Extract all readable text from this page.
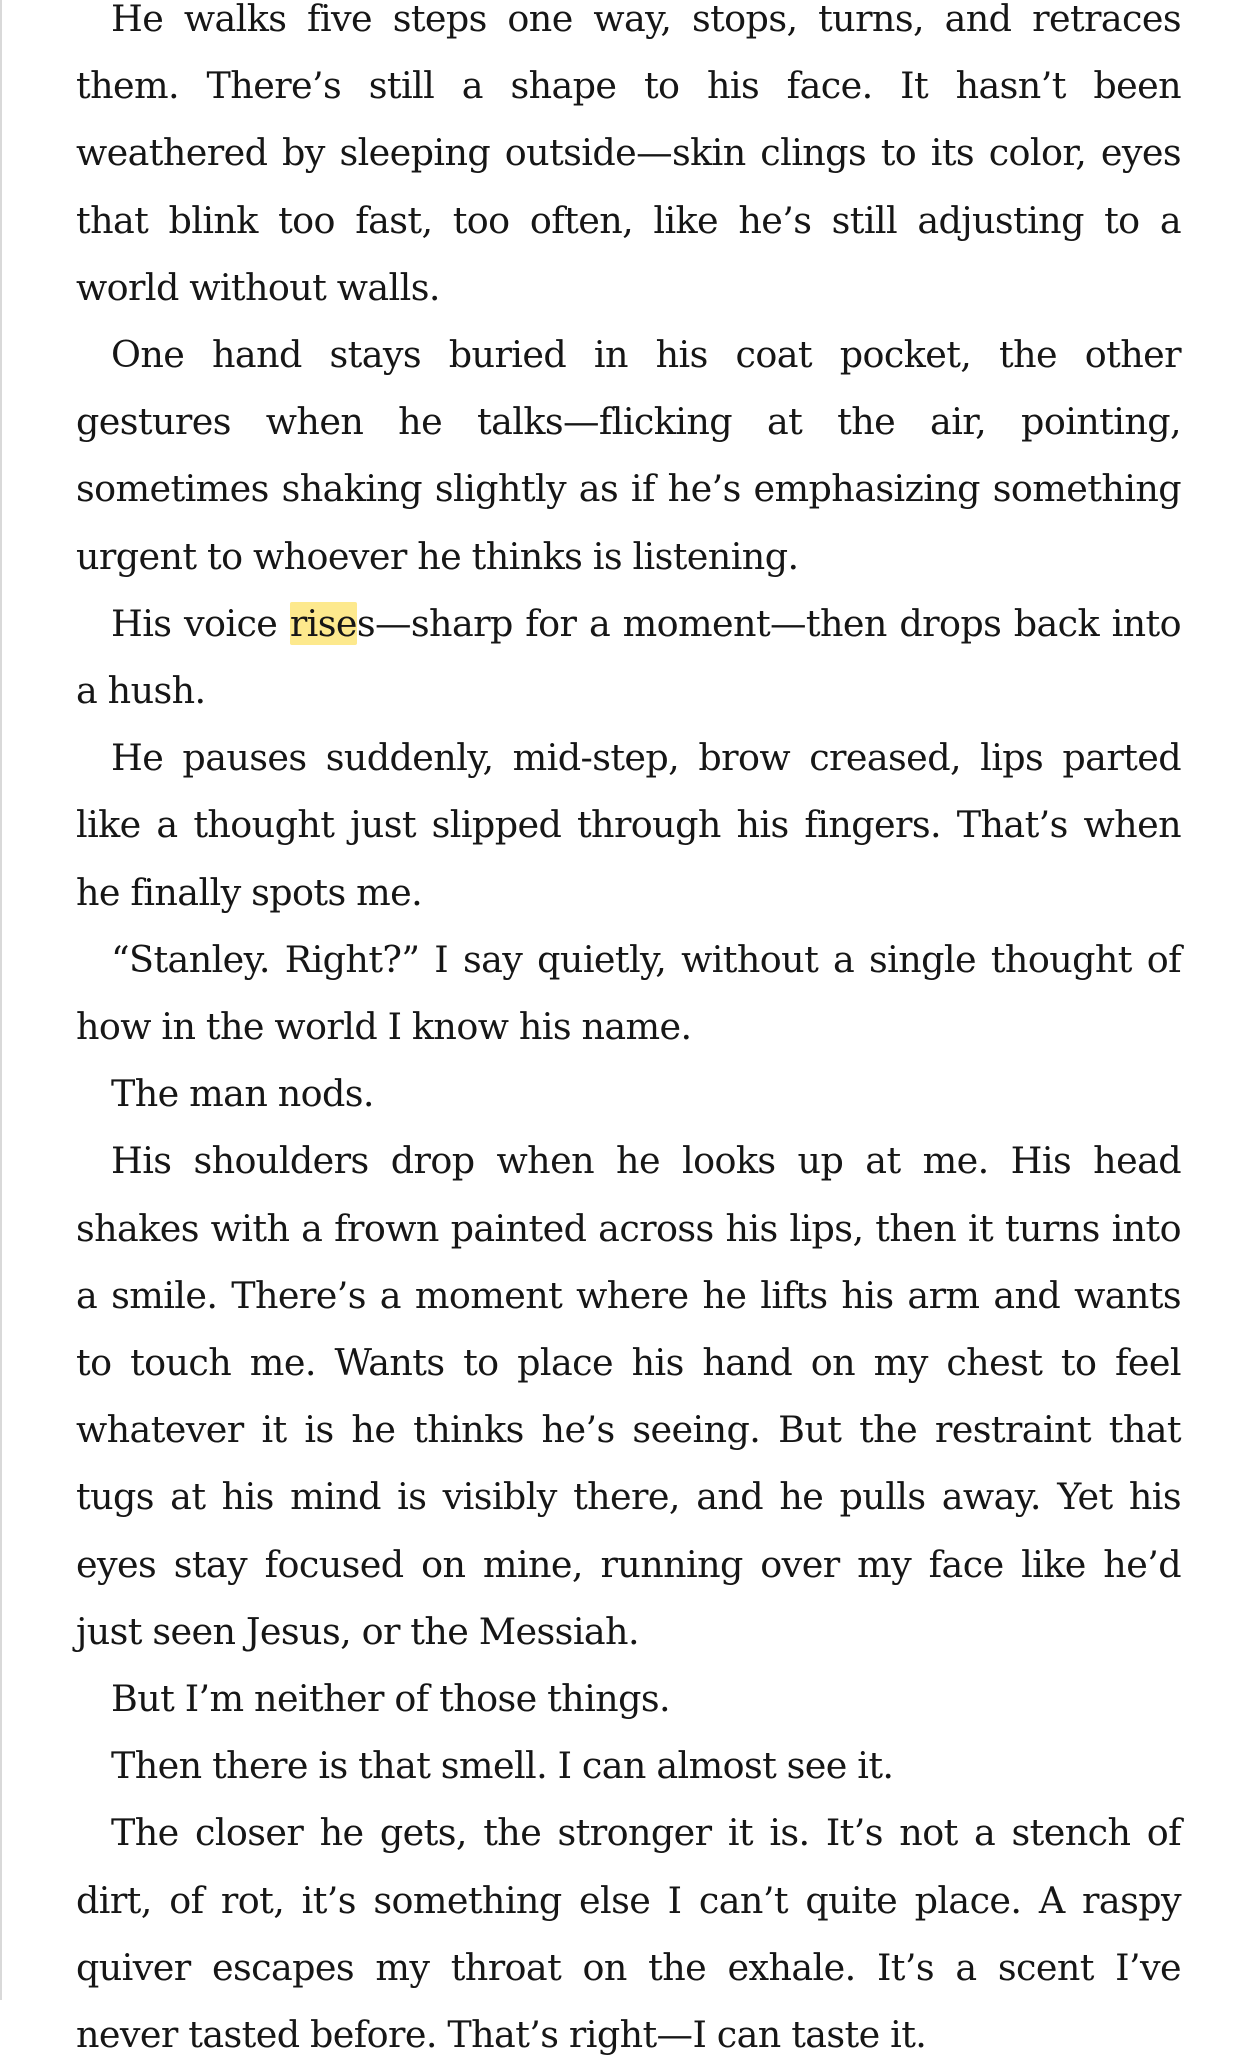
He walks five steps one way, stops, turns, and retraces them. There’s still a shape to his face. It hasn’t been weathered by sleeping outside—skin clings to its color, eyes that blink too fast, too often, like he’s still adjusting to a world without walls.

One hand stays buried in his coat pocket, the other gestures when he talks—flicking at the air, pointing, sometimes shaking slightly as if he’s emphasizing something urgent to whoever he thinks is listening.

His voice rises—sharp for a moment—then drops back into a hush.

He pauses suddenly, mid-step, brow creased, lips parted like a thought just slipped through his fingers. That’s when he finally spots me.

“Stanley. Right?” I say quietly, without a single thought of how in the world I know his name.

The man nods.

His shoulders drop when he looks up at me. His head shakes with a frown painted across his lips, then it turns into a smile. There’s a moment where he lifts his arm and wants to touch me. Wants to place his hand on my chest to feel whatever it is he thinks he’s seeing. But the restraint that tugs at his mind is visibly there, and he pulls away. Yet his eyes stay focused on mine, running over my face like he’d just seen Jesus, or the Messiah.

But I’m neither of those things.

Then there is that smell. I can almost see it.

The closer he gets, the stronger it is. It’s not a stench of dirt, of rot, it’s something else I can’t quite place. A raspy quiver escapes my throat on the exhale. It’s a scent I’ve never tasted before. That’s right—I can taste it.
